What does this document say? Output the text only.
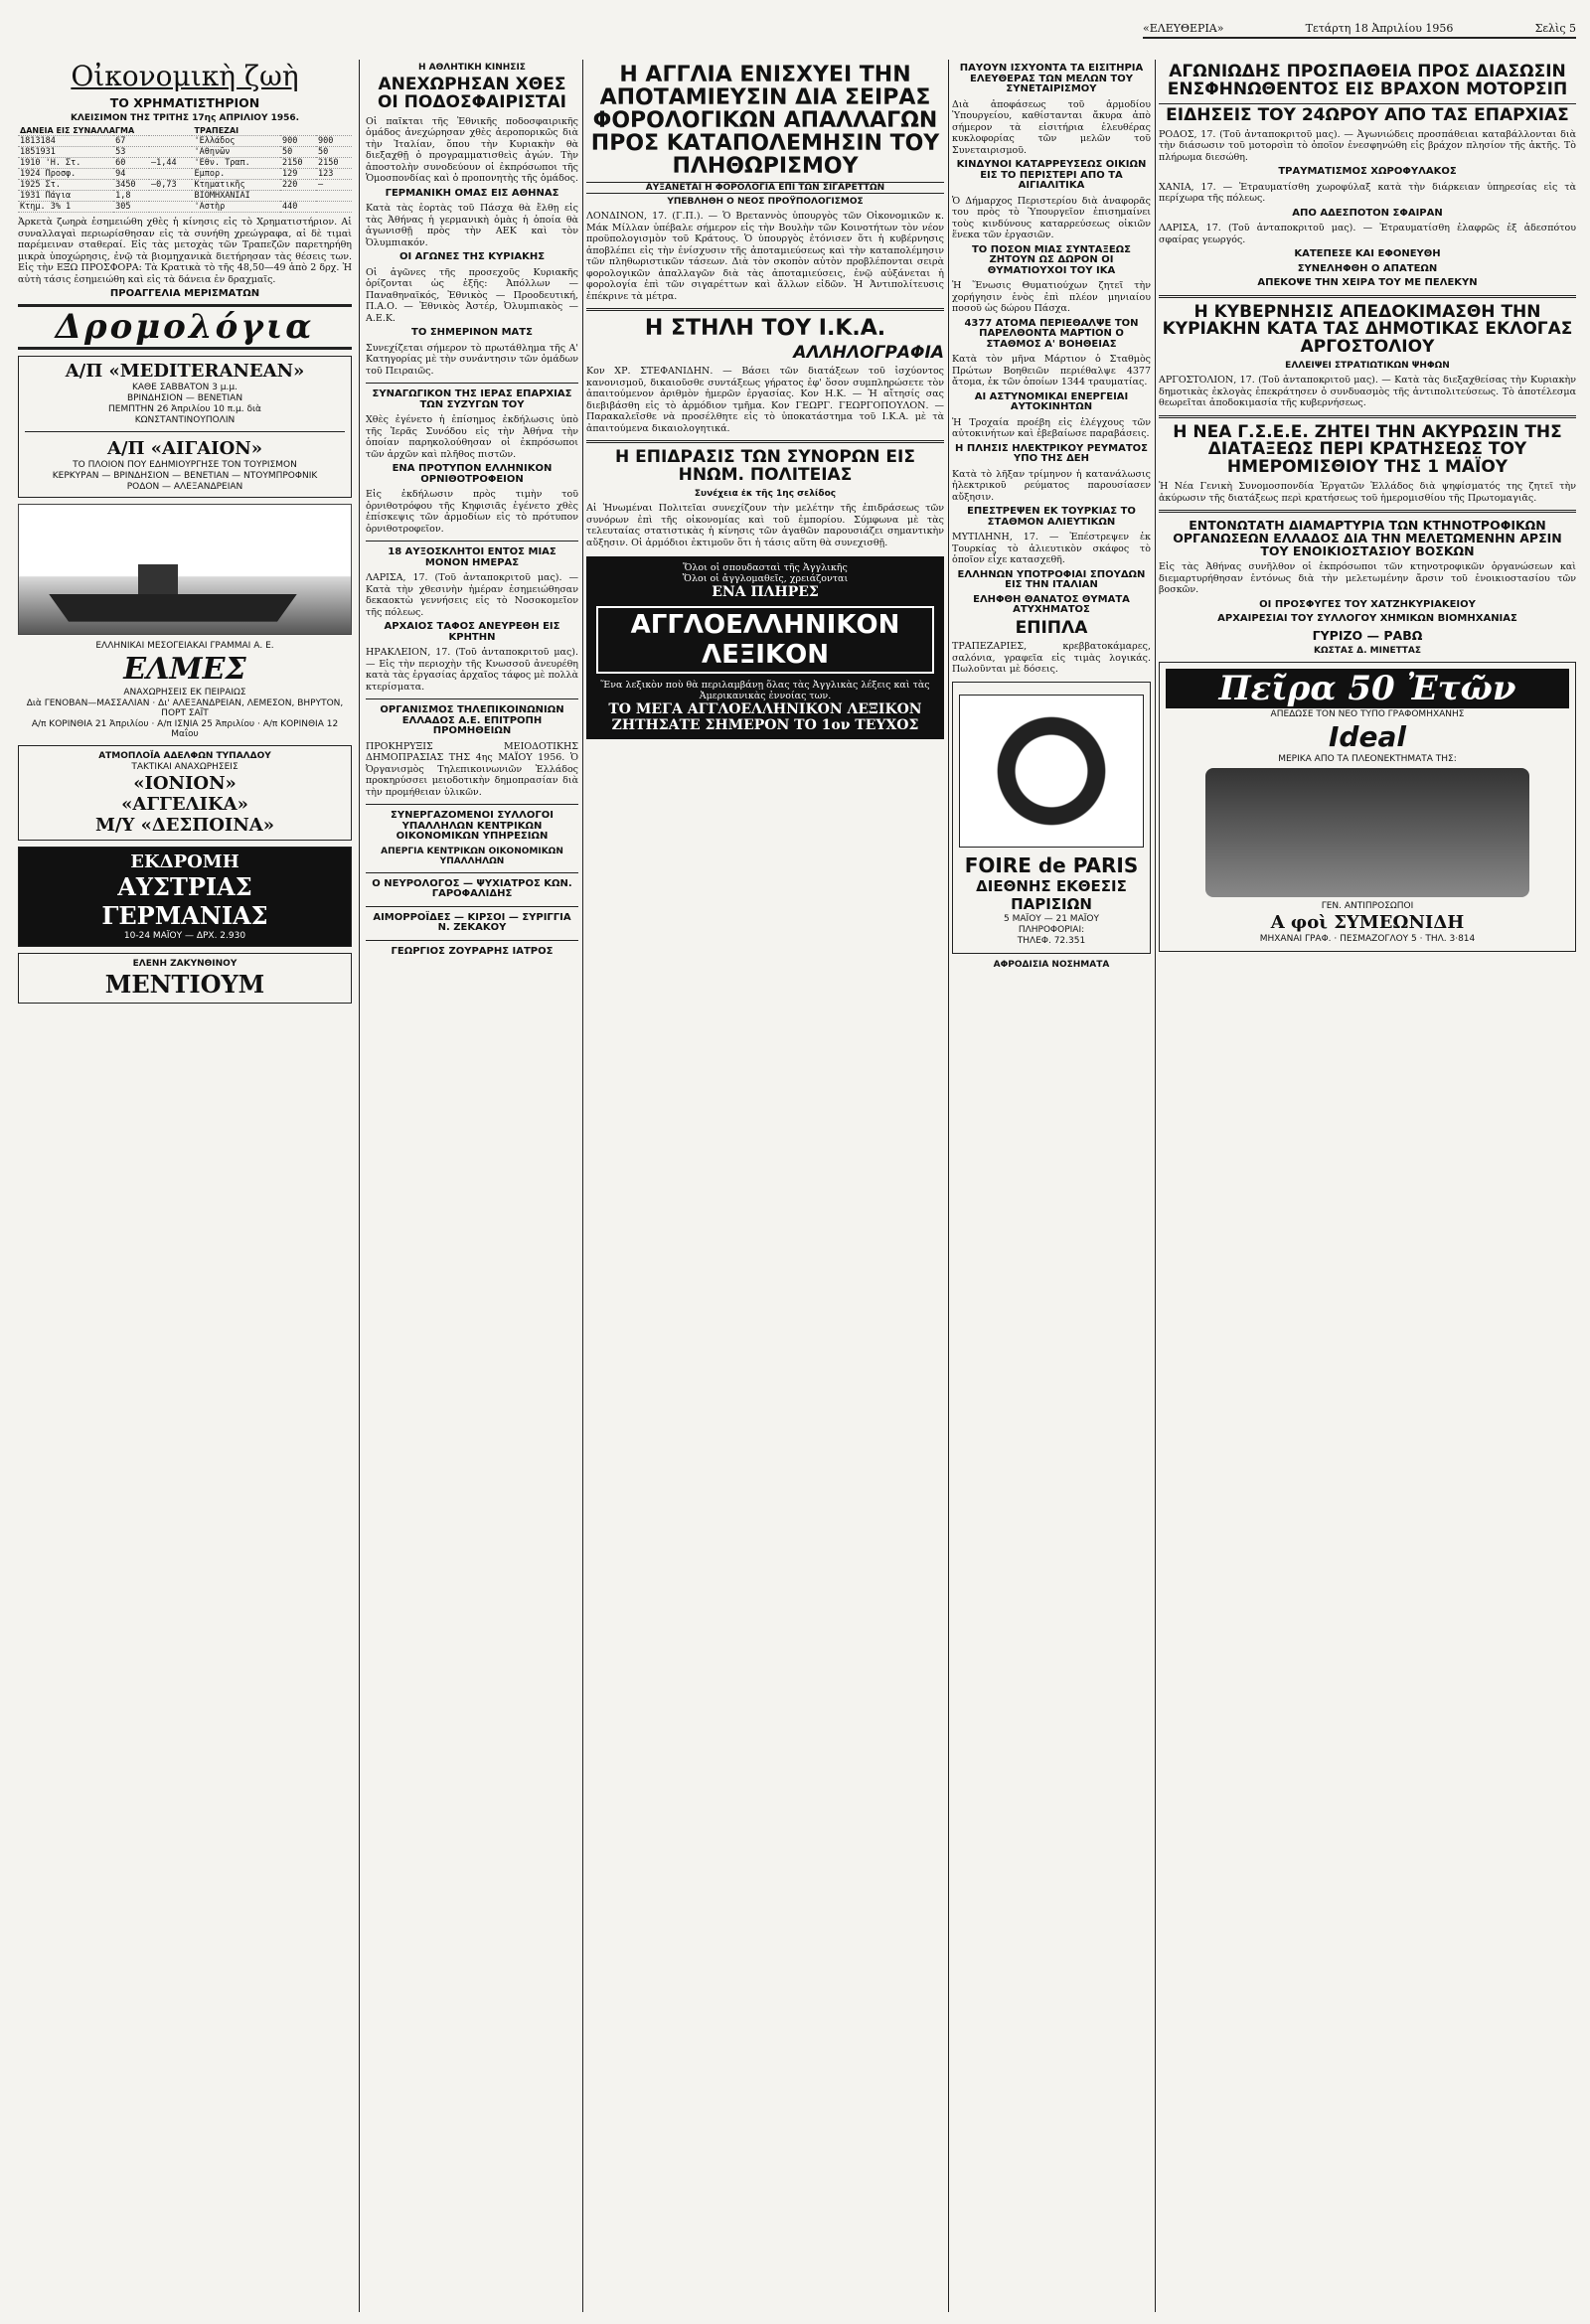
«ΕΛΕΥΘΕΡΙΑ»	Τετάρτη 18 Ἀπριλίου 1956	Σελὶς 5
Οἰκονομικὴ ζωὴ
ΤΟ ΧΡΗΜΑΤΙΣΤΗΡΙΟΝ
ΚΛΕΙΣΙΜΟΝ ΤΗΣ ΤΡΙΤΗΣ 17ης ΑΠΡΙΛΙΟΥ 1956.
ΔΑΝΕΙΑ ΕΙΣ ΣΥΝΑΛΛΑΓΜΑ			ΤΡΑΠΕΖΑΙ		
1813184	67		'Ελλάδος	900	900
1851931	53		'Αθηνῶν	50	50
1910 'Η. Στ.	60	—1,44	'Εθν. Τραπ.	2150	2150
1924 Προσφ.	94		Εμπορ.	129	123
1925 Στ.	3450	—0,73	Κτηματικῆς	220	—
1931 Πάγια	1,8		ΒΙΟΜΗΧΑΝΙΑΙ		
Κτημ. 3% 1	305		'Αστὴρ	440	

Ἀρκετὰ ζωηρὰ ἐσημειώθη χθὲς ἡ κίνησις εἰς τὸ Χρηματιστήριον. Αἱ συναλλαγαὶ περιωρίσθησαν εἰς τὰ συνήθη χρεώγραφα, αἱ δὲ τιμαὶ παρέμειναν σταθεραί. Εἰς τὰς μετοχὰς τῶν Τραπεζῶν παρετηρήθη μικρὰ ὑποχώρησις, ἐνῷ τὰ βιομηχανικὰ διετήρησαν τὰς θέσεις των. Εἰς τὴν ΕΞΩ ΠΡΟΣΦΟΡΑ: Τὰ Κρατικὰ τὸ τῆς 48,50—49 ἀπὸ 2 δρχ. Ἡ αὐτὴ τάσις ἐσημειώθη καὶ εἰς τὰ δάνεια ἐν δραχμαῖς.

ΠΡΟΑΓΓΕΛΙΑ ΜΕΡΙΣΜΑΤΩΝ
Δρομολόγια
Α/Π «MEDITERANEAN»
ΚΑΘΕ ΣΑΒΒΑΤΟΝ 3 μ.μ.
ΒΡΙΝΔΗΣΙΟΝ — ΒΕΝΕΤΙΑΝ
ΠΕΜΠΤΗΝ 26 Ἀπριλίου 10 π.μ. διὰ
ΚΩΝΣΤΑΝΤΙΝΟΥΠΟΛΙΝ
Α/Π «ΑΙΓΑΙΟΝ»
ΤΟ ΠΛΟΙΟΝ ΠΟΥ ΕΔΗΜΙΟΥΡΓΗΣΕ ΤΟΝ ΤΟΥΡΙΣΜΟΝ
ΚΕΡΚΥΡΑΝ — ΒΡΙΝΔΗΣΙΟΝ — ΒΕΝΕΤΙΑΝ — ΝΤΟΥΜΠΡΟΦΝΙΚ
ΡΟΔΟΝ — ΑΛΕΞΑΝΔΡΕΙΑΝ
ΕΛΛΗΝΙΚΑΙ ΜΕΣΟΓΕΙΑΚΑΙ ΓΡΑΜΜΑΙ Α. Ε.
ΕΛΜΕΣ
ΑΝΑΧΩΡΗΣΕΙΣ ΕΚ ΠΕΙΡΑΙΩΣ
Διὰ ΓΕΝΟΒΑΝ—ΜΑΣΣΑΛΙΑΝ · Δι' ΑΛΕΞΑΝΔΡΕΙΑΝ, ΛΕΜΕΣΟΝ, ΒΗΡΥΤΟΝ, ΠΟΡΤ ΣΑΪΤ
Α/π ΚΟΡΙΝΘΙΑ 21 Ἀπριλίου · Α/π ΙΣΝΙΑ 25 Ἀπριλίου · Α/π ΚΟΡΙΝΘΙΑ 12 Μαΐου
ΑΤΜΟΠΛΟΪΑ ΑΔΕΛΦΩΝ ΤΥΠΑΛΔΟΥ
ΤΑΚΤΙΚΑΙ ΑΝΑΧΩΡΗΣΕΙΣ
«ΙΟΝΙΟΝ»
«ΑΓΓΕΛΙΚΑ»
Μ/Υ «ΔΕΣΠΟΙΝΑ»
ΕΚΔΡΟΜΗ
ΑΥΣΤΡΙΑΣ
ΓΕΡΜΑΝΙΑΣ
10-24 ΜΑΪΟΥ — ΔΡΧ. 2.930
ΕΛΕΝΗ ΖΑΚΥΝΘΙΝΟΥ
ΜΕΝΤΙΟΥΜ
Η ΑΘΛΗΤΙΚΗ ΚΙΝΗΣΙΣ
ΑΝΕΧΩΡΗΣΑΝ ΧΘΕΣ ΟΙ ΠΟΔΟΣΦΑΙΡΙΣΤΑΙ

Οἱ παῖκται τῆς Ἐθνικῆς ποδοσφαιρικῆς ὁμάδος ἀνεχώρησαν χθὲς ἀεροπορικῶς διὰ τὴν Ἰταλίαν, ὅπου τὴν Κυριακὴν θὰ διεξαχθῇ ὁ προγραμματισθεὶς ἀγών. Τὴν ἀποστολὴν συνοδεύουν οἱ ἐκπρόσωποι τῆς Ὁμοσπονδίας καὶ ὁ προπονητὴς τῆς ὁμάδος.

ΓΕΡΜΑΝΙΚΗ ΟΜΑΣ ΕΙΣ ΑΘΗΝΑΣ

Κατὰ τὰς ἑορτὰς τοῦ Πάσχα θὰ ἔλθῃ εἰς τὰς Ἀθήνας ἡ γερμανικὴ ὁμὰς ἡ ὁποία θὰ ἀγωνισθῇ πρὸς τὴν ΑΕΚ καὶ τὸν Ὀλυμπιακόν.

ΟΙ ΑΓΩΝΕΣ ΤΗΣ ΚΥΡΙΑΚΗΣ

Οἱ ἀγῶνες τῆς προσεχοῦς Κυριακῆς ὁρίζονται ὡς ἑξῆς: Ἀπόλλων — Παναθηναϊκός, Ἐθνικὸς — Προοδευτική, Π.Α.Ο. — Ἐθνικὸς Ἀστέρ, Ὀλυμπιακὸς — Α.Ε.Κ.

ΤΟ ΣΗΜΕΡΙΝΟΝ ΜΑΤΣ

Συνεχίζεται σήμερον τὸ πρωτάθλημα τῆς Α' Κατηγορίας μὲ τὴν συνάντησιν τῶν ὁμάδων τοῦ Πειραιῶς.

ΣΥΝΑΓΩΓΙΚΟΝ ΤΗΣ ΙΕΡΑΣ ΕΠΑΡΧΙΑΣ ΤΩΝ ΣΥΖΥΓΩΝ ΤΟΥ

Χθὲς ἐγένετο ἡ ἐπίσημος ἐκδήλωσις ὑπὸ τῆς Ἱερᾶς Συνόδου εἰς τὴν Ἀθήνα τὴν ὁποίαν παρηκολούθησαν οἱ ἐκπρόσωποι τῶν ἀρχῶν καὶ πλῆθος πιστῶν.

ΕΝΑ ΠΡΟΤΥΠΟΝ ΕΛΛΗΝΙΚΟΝ ΟΡΝΙΘΟΤΡΟΦΕΙΟΝ

Εἰς ἐκδήλωσιν πρὸς τιμὴν τοῦ ὀρνιθοτρόφου τῆς Κηφισιᾶς ἐγένετο χθὲς ἐπίσκεψις τῶν ἁρμοδίων εἰς τὸ πρότυπον ὀρνιθοτροφεῖον.

18 ΑΥΞΟΣΚΛΗΤΟΙ ΕΝΤΟΣ ΜΙΑΣ ΜΟΝΟΝ ΗΜΕΡΑΣ

ΛΑΡΙΣΑ, 17. (Τοῦ ἀνταποκριτοῦ μας). — Κατὰ τὴν χθεσινὴν ἡμέραν ἐσημειώθησαν δεκαοκτὼ γεννήσεις εἰς τὸ Νοσοκομεῖον τῆς πόλεως.

ΑΡΧΑΙΟΣ ΤΑΦΟΣ ΑΝΕΥΡΕΘΗ ΕΙΣ ΚΡΗΤΗΝ

ΗΡΑΚΛΕΙΟΝ, 17. (Τοῦ ἀνταποκριτοῦ μας). — Εἰς τὴν περιοχὴν τῆς Κνωσσοῦ ἀνευρέθη κατὰ τὰς ἐργασίας ἀρχαῖος τάφος μὲ πολλὰ κτερίσματα.

ΟΡΓΑΝΙΣΜΟΣ ΤΗΛΕΠΙΚΟΙΝΩΝΙΩΝ ΕΛΛΑΔΟΣ Α.Ε. ΕΠΙΤΡΟΠΗ ΠΡΟΜΗΘΕΙΩΝ

ΠΡΟΚΗΡΥΞΙΣ ΜΕΙΟΔΟΤΙΚΗΣ ΔΗΜΟΠΡΑΣΙΑΣ ΤΗΣ 4ης ΜΑΪΟΥ 1956. Ὁ Ὀργανισμὸς Τηλεπικοινωνιῶν Ἑλλάδος προκηρύσσει μειοδοτικὴν δημοπρασίαν διὰ τὴν προμήθειαν ὑλικῶν.

ΣΥΝΕΡΓΑΖΟΜΕΝΟΙ ΣΥΛΛΟΓΟΙ ΥΠΑΛΛΗΛΩΝ ΚΕΝΤΡΙΚΩΝ ΟΙΚΟΝΟΜΙΚΩΝ ΥΠΗΡΕΣΙΩΝ
ΑΠΕΡΓΙΑ ΚΕΝΤΡΙΚΩΝ ΟΙΚΟΝΟΜΙΚΩΝ ΥΠΑΛΛΗΛΩΝ
Ο ΝΕΥΡΟΛΟΓΟΣ — ΨΥΧΙΑΤΡΟΣ ΚΩΝ. ΓΑΡΟΦΑΛΙΔΗΣ
ΑΙΜΟΡΡΟΪΔΕΣ — ΚΙΡΣΟΙ — ΣΥΡΙΓΓΙΑ Ν. ΖΕΚΑΚΟΥ
ΓΕΩΡΓΙΟΣ ΖΟΥΡΑΡΗΣ ΙΑΤΡΟΣ
Η ΑΓΓΛΙΑ ΕΝΙΣΧΥΕΙ ΤΗΝ ΑΠΟΤΑΜΙΕΥΣΙΝ ΔΙΑ ΣΕΙΡΑΣ ΦΟΡΟΛΟΓΙΚΩΝ ΑΠΑΛΛΑΓΩΝ ΠΡΟΣ ΚΑΤΑΠΟΛΕΜΗΣΙΝ ΤΟΥ ΠΛΗΘΩΡΙΣΜΟΥ
ΑΥΞΑΝΕΤΑΙ Η ΦΟΡΟΛΟΓΙΑ ΕΠΙ ΤΩΝ ΣΙΓΑΡΕΤΤΩΝ
ΥΠΕΒΛΗΘΗ Ο ΝΕΟΣ ΠΡΟΫΠΟΛΟΓΙΣΜΟΣ

ΛΟΝΔΙΝΟΝ, 17. (Γ.Π.). — Ὁ Βρεταννὸς ὑπουργὸς τῶν Οἰκονομικῶν κ. Μάκ Μίλλαν ὑπέβαλε σήμερον εἰς τὴν Βουλὴν τῶν Κοινοτήτων τὸν νέον προϋπολογισμὸν τοῦ Κράτους. Ὁ ὑπουργὸς ἐτόνισεν ὅτι ἡ κυβέρνησις ἀποβλέπει εἰς τὴν ἐνίσχυσιν τῆς ἀποταμιεύσεως καὶ τὴν καταπολέμησιν τῶν πληθωριστικῶν τάσεων. Διὰ τὸν σκοπὸν αὐτὸν προβλέπονται σειρὰ φορολογικῶν ἀπαλλαγῶν διὰ τὰς ἀποταμιεύσεις, ἐνῷ αὐξάνεται ἡ φορολογία ἐπὶ τῶν σιγαρέττων καὶ ἄλλων εἰδῶν. Ἡ Ἀντιπολίτευσις ἐπέκρινε τὰ μέτρα.

Η ΣΤΗΛΗ ΤΟΥ Ι.Κ.Α.
ΑΛΛΗΛΟΓΡΑΦΙΑ

Κον ΧΡ. ΣΤΕΦΑΝΙΔΗΝ. — Βάσει τῶν διατάξεων τοῦ ἰσχύοντος κανονισμοῦ, δικαιοῦσθε συντάξεως γήρατος ἐφ' ὅσον συμπληρώσετε τὸν ἀπαιτούμενον ἀριθμὸν ἡμερῶν ἐργασίας. Κον Η.Κ. — Ἡ αἴτησίς σας διεβιβάσθη εἰς τὸ ἁρμόδιον τμῆμα. Κον ΓΕΩΡΓ. ΓΕΩΡΓΟΠΟΥΛΟΝ. — Παρακαλεῖσθε νὰ προσέλθητε εἰς τὸ ὑποκατάστημα τοῦ Ι.Κ.Α. μὲ τὰ ἀπαιτούμενα δικαιολογητικά.

Η ΕΠΙΔΡΑΣΙΣ ΤΩΝ ΣΥΝΟΡΩΝ ΕΙΣ ΗΝΩΜ. ΠΟΛΙΤΕΙΑΣ
Συνέχεια ἐκ τῆς 1ης σελίδος

Αἱ Ἡνωμέναι Πολιτεῖαι συνεχίζουν τὴν μελέτην τῆς ἐπιδράσεως τῶν συνόρων ἐπὶ τῆς οἰκονομίας καὶ τοῦ ἐμπορίου. Σύμφωνα μὲ τὰς τελευταίας στατιστικὰς ἡ κίνησις τῶν ἀγαθῶν παρουσιάζει σημαντικὴν αὔξησιν. Οἱ ἁρμόδιοι ἐκτιμοῦν ὅτι ἡ τάσις αὕτη θὰ συνεχισθῇ.

Ὅλοι οἱ σπουδασταὶ τῆς Ἀγγλικῆς
Ὅλοι οἱ ἀγγλομαθεῖς, χρειάζονται
ΕΝΑ ΠΛΗΡΕΣ
ΑΓΓΛΟΕΛΛΗΝΙΚΟΝ ΛΕΞΙΚΟΝ
Ἕνα λεξικὸν ποὺ θὰ περιλαμβάνῃ ὅλας τὰς Ἀγγλικὰς λέξεις καὶ τὰς Ἀμερικανικὰς ἐννοίας των.
ΤΟ ΜΕΓΑ ΑΓΓΛΟΕΛΛΗΝΙΚΟΝ ΛΕΞΙΚΟΝ
ΖΗΤΗΣΑΤΕ ΣΗΜΕΡΟΝ ΤΟ 1ον ΤΕΥΧΟΣ
ΠΑΥΟΥΝ ΙΣΧΥΟΝΤΑ ΤΑ ΕΙΣΙΤΗΡΙΑ ΕΛΕΥΘΕΡΑΣ ΤΩΝ ΜΕΛΩΝ ΤΟΥ ΣΥΝΕΤΑΙΡΙΣΜΟΥ

Διὰ ἀποφάσεως τοῦ ἁρμοδίου Ὑπουργείου, καθίστανται ἄκυρα ἀπὸ σήμερον τὰ εἰσιτήρια ἐλευθέρας κυκλοφορίας τῶν μελῶν τοῦ Συνεταιρισμοῦ.

ΚΙΝΔΥΝΟΙ ΚΑΤΑΡΡΕΥΣΕΩΣ ΟΙΚΙΩΝ ΕΙΣ ΤΟ ΠΕΡΙΣΤΕΡΙ ΑΠΟ ΤΑ ΑΙΓΙΑΛΙΤΙΚΑ

Ὁ Δήμαρχος Περιστερίου διὰ ἀναφορᾶς του πρὸς τὸ Ὑπουργεῖον ἐπισημαίνει τοὺς κινδύνους καταρρεύσεως οἰκιῶν ἕνεκα τῶν ἐργασιῶν.

ΤΟ ΠΟΣΟΝ ΜΙΑΣ ΣΥΝΤΑΞΕΩΣ ΖΗΤΟΥΝ ΩΣ ΔΩΡΟΝ ΟΙ ΘΥΜΑΤΙΟΥΧΟΙ ΤΟΥ ΙΚΑ

Ἡ Ἕνωσις Θυματιούχων ζητεῖ τὴν χορήγησιν ἑνὸς ἐπὶ πλέον μηνιαίου ποσοῦ ὡς δώρου Πάσχα.

4377 ΑΤΟΜΑ ΠΕΡΙΕΘΑΛΨΕ ΤΟΝ ΠΑΡΕΛΘΟΝΤΑ ΜΑΡΤΙΟΝ Ο ΣΤΑΘΜΟΣ Α' ΒΟΗΘΕΙΑΣ

Κατὰ τὸν μῆνα Μάρτιον ὁ Σταθμὸς Πρώτων Βοηθειῶν περιέθαλψε 4377 ἄτομα, ἐκ τῶν ὁποίων 1344 τραυματίας.

ΑΙ ΑΣΤΥΝΟΜΙΚΑΙ ΕΝΕΡΓΕΙΑΙ ΑΥΤΟΚΙΝΗΤΩΝ

Ἡ Τροχαία προέβη εἰς ἐλέγχους τῶν αὐτοκινήτων καὶ ἐβεβαίωσε παραβάσεις.

Η ΠΛΗΣΙΣ ΗΛΕΚΤΡΙΚΟΥ ΡΕΥΜΑΤΟΣ ΥΠΟ ΤΗΣ ΔΕΗ

Κατὰ τὸ λῆξαν τρίμηνον ἡ κατανάλωσις ἠλεκτρικοῦ ρεύματος παρουσίασεν αὔξησιν.

ΕΠΕΣΤΡΕΨΕΝ ΕΚ ΤΟΥΡΚΙΑΣ ΤΟ ΣΤΑΘΜΟΝ ΑΛΙΕΥΤΙΚΩΝ

ΜΥΤΙΛΗΝΗ, 17. — Ἐπέστρεψεν ἐκ Τουρκίας τὸ ἀλιευτικὸν σκάφος τὸ ὁποῖον εἶχε κατασχεθῆ.

ΕΛΛΗΝΩΝ ΥΠΟΤΡΟΦΙΑΙ ΣΠΟΥΔΩΝ ΕΙΣ ΤΗΝ ΙΤΑΛΙΑΝ
ΕΛΗΦΘΗ ΘΑΝΑΤΟΣ ΘΥΜΑΤΑ ΑΤΥΧΗΜΑΤΟΣ
ΕΠΙΠΛΑ

ΤΡΑΠΕΖΑΡΙΕΣ, κρεββατοκάμαρες, σαλόνια, γραφεῖα εἰς τιμὰς λογικάς. Πωλοῦνται μὲ δόσεις.

FOIRE de PARIS
ΔΙΕΘΝΗΣ ΕΚΘΕΣΙΣ ΠΑΡΙΣΙΩΝ
5 ΜΑΪΟΥ — 21 ΜΑΪΟΥ
ΠΛΗΡΟΦΟΡΙΑΙ:
ΤΗΛΕΦ. 72.351
ΑΦΡΟΔΙΣΙΑ ΝΟΣΗΜΑΤΑ
ΑΓΩΝΙΩΔΗΣ ΠΡΟΣΠΑΘΕΙΑ ΠΡΟΣ ΔΙΑΣΩΣΙΝ ΕΝΣΦΗΝΩΘΕΝΤΟΣ ΕΙΣ ΒΡΑΧΟΝ ΜΟΤΟΡΣΙΠ
ΕΙΔΗΣΕΙΣ ΤΟΥ 24ΩΡΟΥ ΑΠΟ ΤΑΣ ΕΠΑΡΧΙΑΣ

ΡΟΔΟΣ, 17. (Τοῦ ἀνταποκριτοῦ μας). — Ἀγωνιώδεις προσπάθειαι καταβάλλονται διὰ τὴν διάσωσιν τοῦ μοτορσὶπ τὸ ὁποῖον ἐνεσφηνώθη εἰς βράχον πλησίον τῆς ἀκτῆς. Τὸ πλήρωμα διεσώθη.

ΤΡΑΥΜΑΤΙΣΜΟΣ ΧΩΡΟΦΥΛΑΚΟΣ

ΧΑΝΙΑ, 17. — Ἐτραυματίσθη χωροφύλαξ κατὰ τὴν διάρκειαν ὑπηρεσίας εἰς τὰ περίχωρα τῆς πόλεως.

ΑΠΟ ΑΔΕΣΠΟΤΟΝ ΣΦΑΙΡΑΝ

ΛΑΡΙΣΑ, 17. (Τοῦ ἀνταποκριτοῦ μας). — Ἐτραυματίσθη ἐλαφρῶς ἐξ ἀδεσπότου σφαίρας γεωργός.

ΚΑΤΕΠΕΣΕ ΚΑΙ ΕΦΟΝΕΥΘΗ
ΣΥΝΕΛΗΦΘΗ Ο ΑΠΑΤΕΩΝ
ΑΠΕΚΟΨΕ ΤΗΝ ΧΕΙΡΑ ΤΟΥ ΜΕ ΠΕΛΕΚΥΝ
Η ΚΥΒΕΡΝΗΣΙΣ ΑΠΕΔΟΚΙΜΑΣΘΗ ΤΗΝ ΚΥΡΙΑΚΗΝ ΚΑΤΑ ΤΑΣ ΔΗΜΟΤΙΚΑΣ ΕΚΛΟΓΑΣ ΑΡΓΟΣΤΟΛΙΟΥ
ΕΛΛΕΙΨΕΙ ΣΤΡΑΤΙΩΤΙΚΩΝ ΨΗΦΩΝ

ΑΡΓΟΣΤΟΛΙΟΝ, 17. (Τοῦ ἀνταποκριτοῦ μας). — Κατὰ τὰς διεξαχθείσας τὴν Κυριακὴν δημοτικὰς ἐκλογὰς ἐπεκράτησεν ὁ συνδυασμὸς τῆς ἀντιπολιτεύσεως. Τὸ ἀποτέλεσμα θεωρεῖται ἀποδοκιμασία τῆς κυβερνήσεως.

Η ΝΕΑ Γ.Σ.Ε.Ε. ΖΗΤΕΙ ΤΗΝ ΑΚΥΡΩΣΙΝ ΤΗΣ ΔΙΑΤΑΞΕΩΣ ΠΕΡΙ ΚΡΑΤΗΣΕΩΣ ΤΟΥ ΗΜΕΡΟΜΙΣΘΙΟΥ ΤΗΣ 1 ΜΑΪΟΥ

Ἡ Νέα Γενικὴ Συνομοσπονδία Ἐργατῶν Ἑλλάδος διὰ ψηφίσματός της ζητεῖ τὴν ἀκύρωσιν τῆς διατάξεως περὶ κρατήσεως τοῦ ἡμερομισθίου τῆς Πρωτομαγιᾶς.

ΕΝΤΟΝΩΤΑΤΗ ΔΙΑΜΑΡΤΥΡΙΑ ΤΩΝ ΚΤΗΝΟΤΡΟΦΙΚΩΝ ΟΡΓΑΝΩΣΕΩΝ ΕΛΛΑΔΟΣ ΔΙΑ ΤΗΝ ΜΕΛΕΤΩΜΕΝΗΝ ΑΡΣΙΝ ΤΟΥ ΕΝΟΙΚΙΟΣΤΑΣΙΟΥ ΒΟΣΚΩΝ

Εἰς τὰς Ἀθήνας συνῆλθον οἱ ἐκπρόσωποι τῶν κτηνοτροφικῶν ὀργανώσεων καὶ διεμαρτυρήθησαν ἐντόνως διὰ τὴν μελετωμένην ἄρσιν τοῦ ἐνοικιοστασίου τῶν βοσκῶν.

ΟΙ ΠΡΟΣΦΥΓΕΣ ΤΟΥ ΧΑΤΖΗΚΥΡΙΑΚΕΙΟΥ
ΑΡΧΑΙΡΕΣΙΑΙ ΤΟΥ ΣΥΛΛΟΓΟΥ ΧΗΜΙΚΩΝ ΒΙΟΜΗΧΑΝΙΑΣ
ΓΥΡΙΖΟ — ΡΑΒΩ
ΚΩΣΤΑΣ Δ. ΜΙΝΕΤΤΑΣ
Πεῖρα 50 Ἐτῶν
ΑΠΕΔΩΣΕ ΤΟΝ ΝΕΟ ΤΥΠΟ ΓΡΑΦΟΜΗΧΑΝΗΣ
Ideal
ΜΕΡΙΚΑ ΑΠΟ ΤΑ ΠΛΕΟΝΕΚΤΗΜΑΤΑ ΤΗΣ:
ΓΕΝ. ΑΝΤΙΠΡΟΣΩΠΟΙ
Α φοὶ ΣΥΜΕΩΝΙΔΗ
ΜΗΧΑΝΑΙ ΓΡΑΦ. · ΠΕΣΜΑΖΟΓΛΟΥ 5 · ΤΗΛ. 3·814
